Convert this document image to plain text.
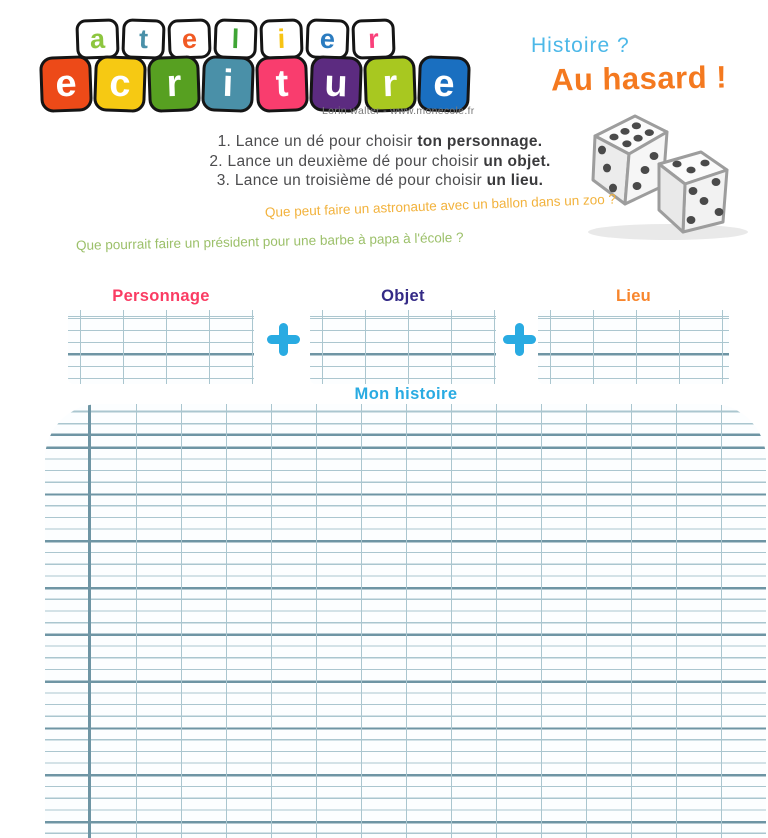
a	t	e	l	i	e	r
e c r	i	t u r e
Lorin walter - www.monecole.fr
Histoire ?
Au hasard !
1. Lance un dé pour choisir ton personnage.
2. Lance un deuxième dé pour choisir un objet.
3. Lance un troisième dé pour choisir un lieu.
Que peut faire un astronaute avec un ballon dans un zoo ?
Que pourrait faire un président pour une barbe à papa à l'école ?
Personnage	Objet	Lieu
Mon histoire
